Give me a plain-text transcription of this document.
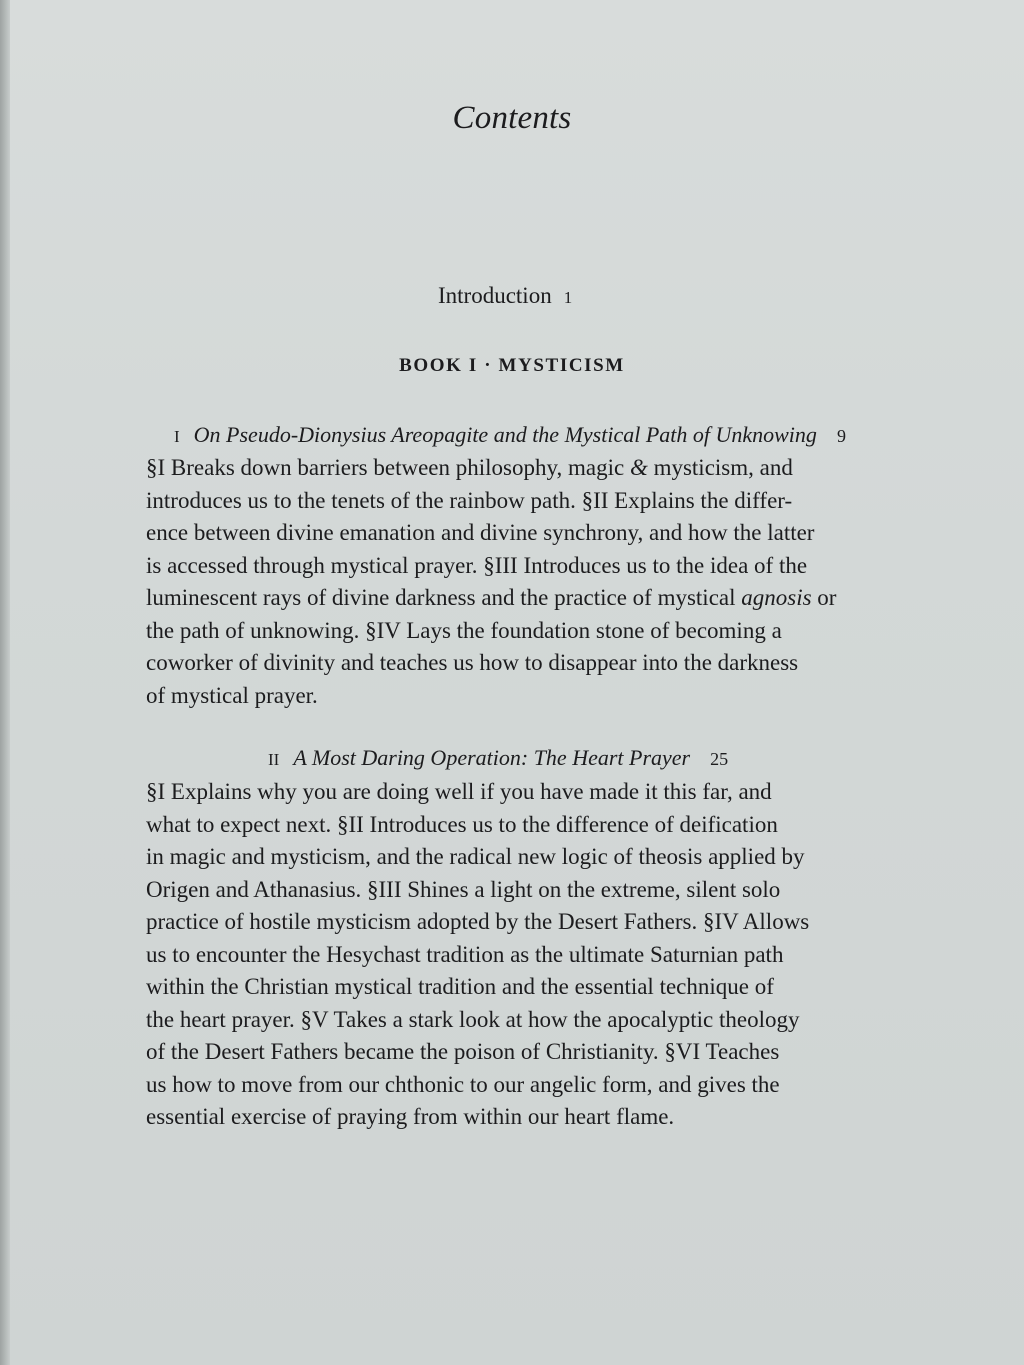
Contents
Introduction 1
BOOK I · MYSTICISM
I On Pseudo-Dionysius Areopagite and the Mystical Path of Unknowing 9
§I Breaks down barriers between philosophy, magic & mysticism, and
introduces us to the tenets of the rainbow path. §II Explains the differ-
ence between divine emanation and divine synchrony, and how the latter
is accessed through mystical prayer. §III Introduces us to the idea of the
luminescent rays of divine darkness and the practice of mystical agnosis or
the path of unknowing. §IV Lays the foundation stone of becoming a
coworker of divinity and teaches us how to disappear into the darkness
of mystical prayer.
II A Most Daring Operation: The Heart Prayer 25
§I Explains why you are doing well if you have made it this far, and
what to expect next. §II Introduces us to the difference of deification
in magic and mysticism, and the radical new logic of theosis applied by
Origen and Athanasius. §III Shines a light on the extreme, silent solo
practice of hostile mysticism adopted by the Desert Fathers. §IV Allows
us to encounter the Hesychast tradition as the ultimate Saturnian path
within the Christian mystical tradition and the essential technique of
the heart prayer. §V Takes a stark look at how the apocalyptic theology
of the Desert Fathers became the poison of Christianity. §VI Teaches
us how to move from our chthonic to our angelic form, and gives the
essential exercise of praying from within our heart flame.
